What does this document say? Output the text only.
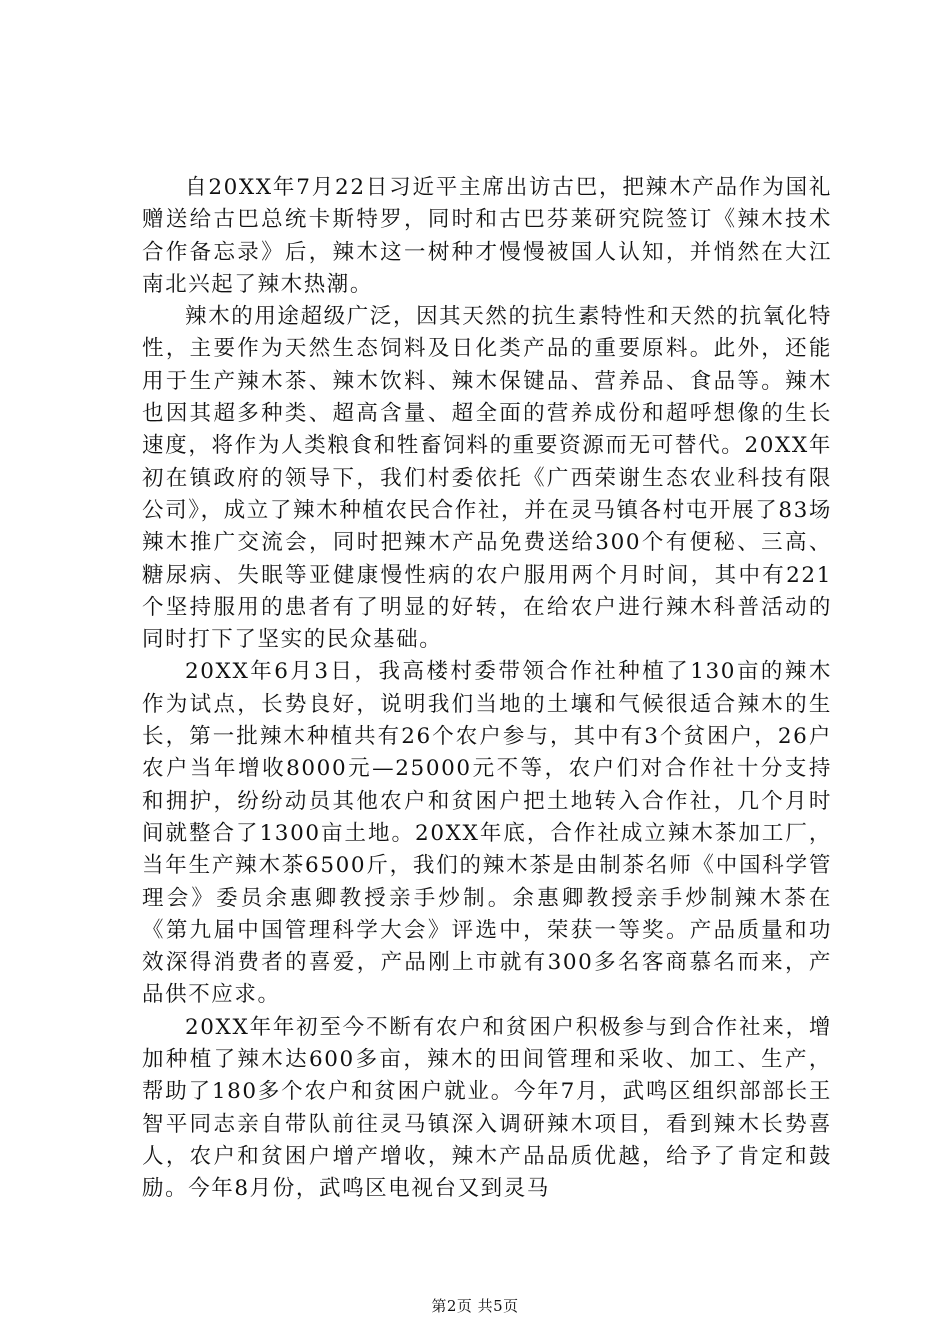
自20XX年7月22日习近平主席出访古巴，把辣木产品作为国礼赠送给古巴总统卡斯特罗，同时和古巴芬莱研究院签订《辣木技术合作备忘录》后，辣木这一树种才慢慢被国人认知，并悄然在大江南北兴起了辣木热潮。

辣木的用途超级广泛，因其天然的抗生素特性和天然的抗氧化特性，主要作为天然生态饲料及日化类产品的重要原料。此外，还能用于生产辣木茶、辣木饮料、辣木保键品、营养品、食品等。辣木也因其超多种类、超高含量、超全面的营养成份和超呼想像的生长速度，将作为人类粮食和牲畜饲料的重要资源而无可替代。20XX年初在镇政府的领导下，我们村委依托《广西荣谢生态农业科技有限公司》，成立了辣木种植农民合作社，并在灵马镇各村屯开展了83场辣木推广交流会，同时把辣木产品免费送给300个有便秘、三高、糖尿病、失眠等亚健康慢性病的农户服用两个月时间，其中有221个坚持服用的患者有了明显的好转，在给农户进行辣木科普活动的同时打下了坚实的民众基础。

20XX年6月3日，我高楼村委带领合作社种植了130亩的辣木作为试点，长势良好，说明我们当地的土壤和气候很适合辣木的生长，第一批辣木种植共有26个农户参与，其中有3个贫困户，26户农户当年增收8000元—25000元不等，农户们对合作社十分支持和拥护，纷纷动员其他农户和贫困户把土地转入合作社，几个月时间就整合了1300亩土地。20XX年底，合作社成立辣木茶加工厂，当年生产辣木茶6500斤，我们的辣木茶是由制茶名师《中国科学管理会》委员余惠卿教授亲手炒制。余惠卿教授亲手炒制辣木茶在《第九届中国管理科学大会》评选中，荣获一等奖。产品质量和功效深得消费者的喜爱，产品刚上市就有300多名客商慕名而来，产品供不应求。

20XX年年初至今不断有农户和贫困户积极参与到合作社来，增加种植了辣木达600多亩，辣木的田间管理和采收、加工、生产，帮助了180多个农户和贫困户就业。今年7月，武鸣区组织部部长王智平同志亲自带队前往灵马镇深入调研辣木项目，看到辣木长势喜人，农户和贫困户增产增收，辣木产品品质优越，给予了肯定和鼓励。今年8月份，武鸣区电视台又到灵马

第2页 共5页
